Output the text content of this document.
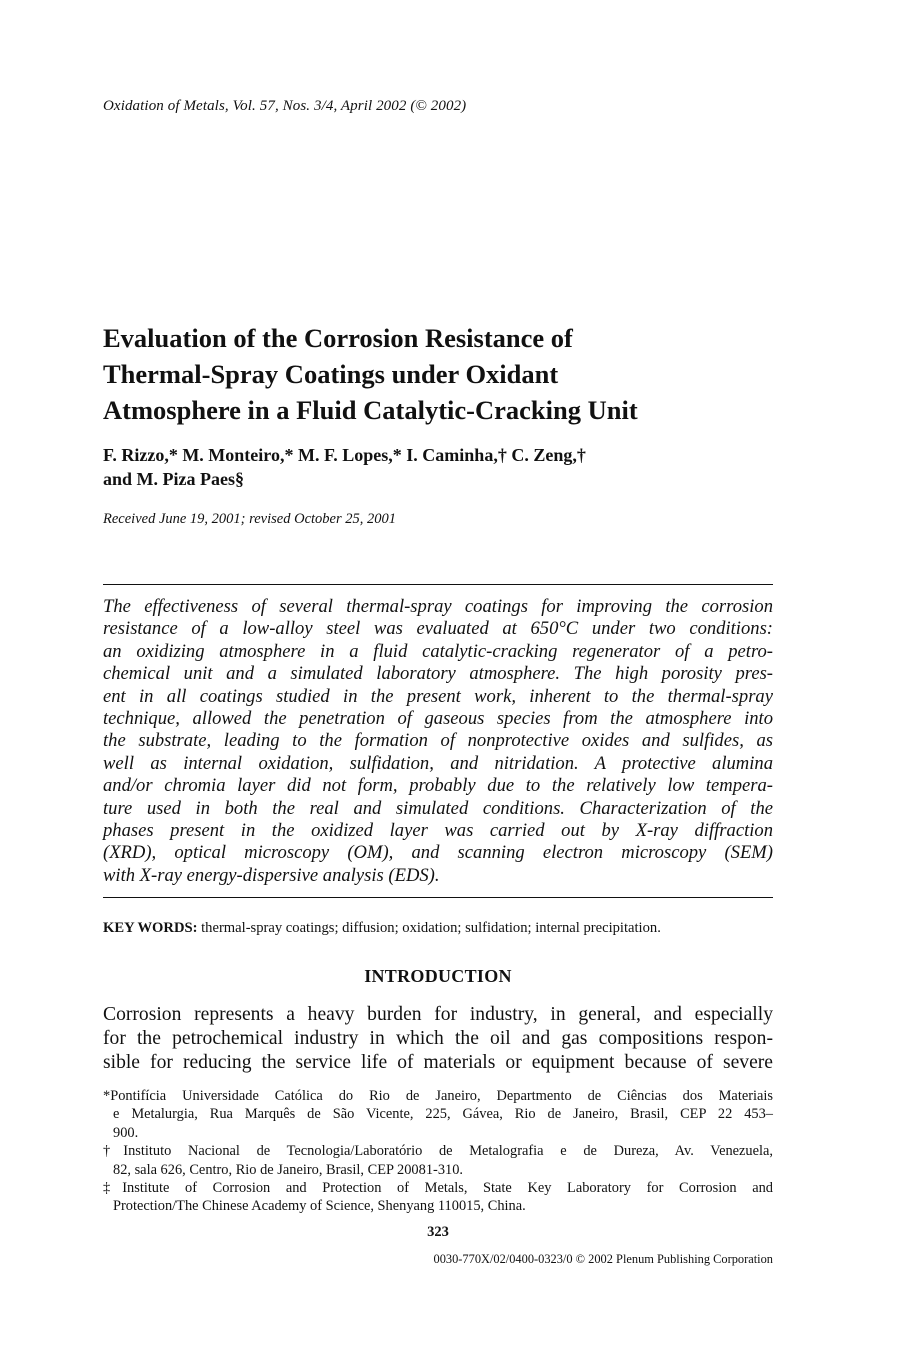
Oxidation of Metals, Vol. 57, Nos. 3/4, April 2002 (© 2002)
Evaluation of the Corrosion Resistance of
Thermal-Spray Coatings under Oxidant
Atmosphere in a Fluid Catalytic-Cracking Unit
F. Rizzo,* M. Monteiro,* M. F. Lopes,* I. Caminha,† C. Zeng,†
and M. Piza Paes§
Received June 19, 2001; revised October 25, 2001
The effectiveness of several thermal-spray coatings for improving the corrosion
resistance of a low-alloy steel was evaluated at 650°C under two conditions:
an oxidizing atmosphere in a fluid catalytic-cracking regenerator of a petro-
chemical unit and a simulated laboratory atmosphere. The high porosity pres-
ent in all coatings studied in the present work, inherent to the thermal-spray
technique, allowed the penetration of gaseous species from the atmosphere into
the substrate, leading to the formation of nonprotective oxides and sulfides, as
well as internal oxidation, sulfidation, and nitridation. A protective alumina
and/or chromia layer did not form, probably due to the relatively low tempera-
ture used in both the real and simulated conditions. Characterization of the
phases present in the oxidized layer was carried out by X-ray diffraction
(XRD), optical microscopy (OM), and scanning electron microscopy (SEM)
with X-ray energy-dispersive analysis (EDS).
KEY WORDS: thermal-spray coatings; diffusion; oxidation; sulfidation; internal precipitation.
INTRODUCTION
Corrosion represents a heavy burden for industry, in general, and especially
for the petrochemical industry in which the oil and gas compositions respon-
sible for reducing the service life of materials or equipment because of severe
*Pontifícia Universidade Católica do Rio de Janeiro, Departmento de Ciências dos Materiais
e Metalurgia, Rua Marquês de São Vicente, 225, Gávea, Rio de Janeiro, Brasil, CEP 22 453–
900.
†Instituto Nacional de Tecnologia/Laboratório de Metalografia e de Dureza, Av. Venezuela,
82, sala 626, Centro, Rio de Janeiro, Brasil, CEP 20081-310.
‡Institute of Corrosion and Protection of Metals, State Key Laboratory for Corrosion and
Protection/The Chinese Academy of Science, Shenyang 110015, China.
323
0030-770X/02/0400-0323/0 © 2002 Plenum Publishing Corporation
